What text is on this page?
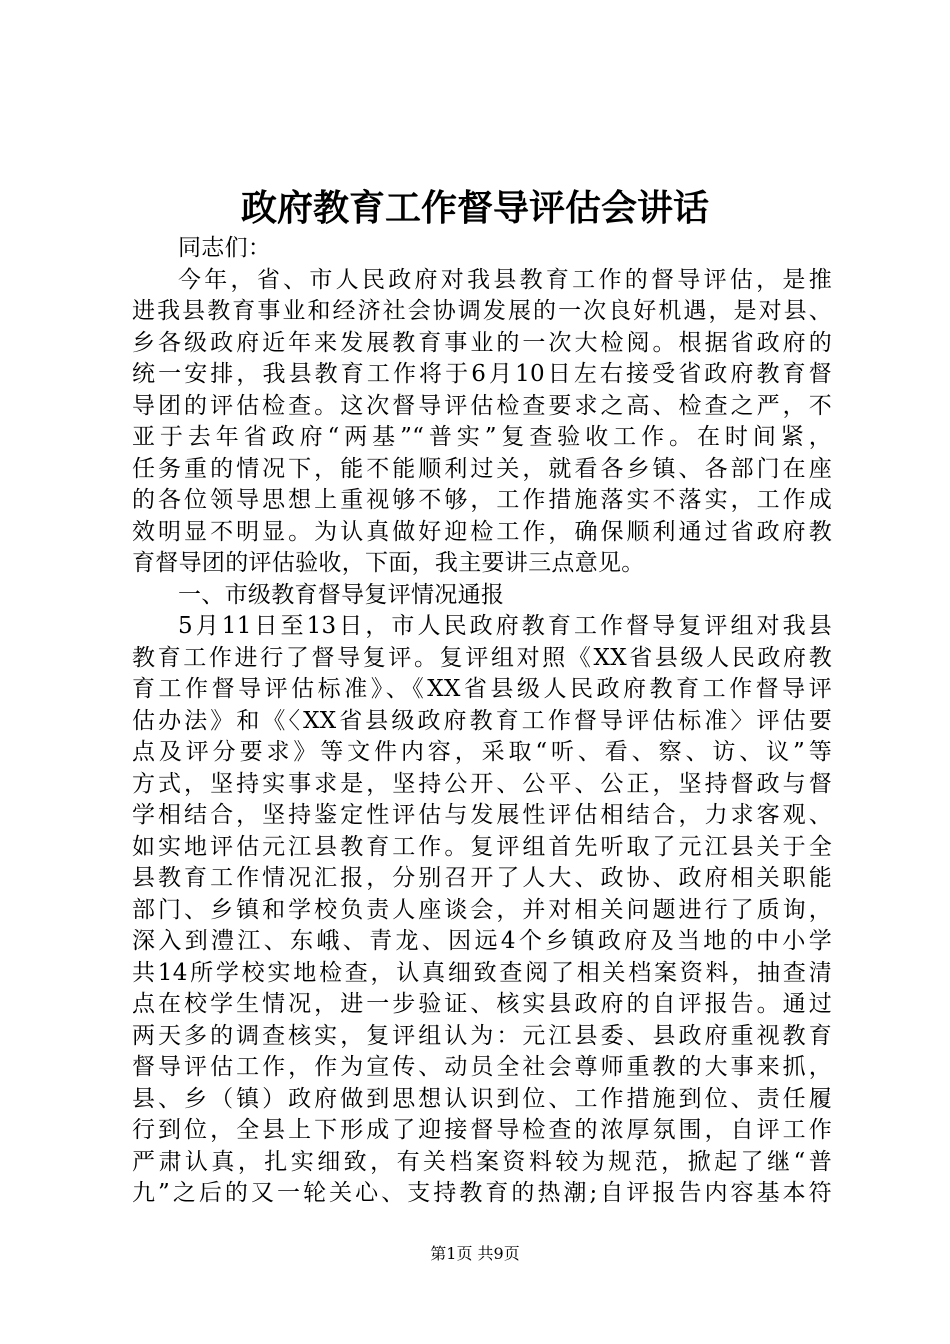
政府教育工作督导评估会讲话
同志们：
今年，省、市人民政府对我县教育工作的督导评估，是推
进我县教育事业和经济社会协调发展的一次良好机遇，是对县、
乡各级政府近年来发展教育事业的一次大检阅。根据省政府的
统一安排，我县教育工作将于6月10日左右接受省政府教育督
导团的评估检查。这次督导评估检查要求之高、检查之严，不
亚于去年省政府“两基”“普实”复查验收工作。在时间紧，
任务重的情况下，能不能顺利过关，就看各乡镇、各部门在座
的各位领导思想上重视够不够，工作措施落实不落实，工作成
效明显不明显。为认真做好迎检工作，确保顺利通过省政府教
育督导团的评估验收，下面，我主要讲三点意见。
一、市级教育督导复评情况通报
5月11日至13日，市人民政府教育工作督导复评组对我县
教育工作进行了督导复评。复评组对照《XX省县级人民政府教
育工作督导评估标准》、《XX省县级人民政府教育工作督导评
估办法》和《〈XX省县级政府教育工作督导评估标准〉评估要
点及评分要求》等文件内容，采取“听、看、察、访、议”等
方式，坚持实事求是，坚持公开、公平、公正，坚持督政与督
学相结合，坚持鉴定性评估与发展性评估相结合，力求客观、
如实地评估元江县教育工作。复评组首先听取了元江县关于全
县教育工作情况汇报，分别召开了人大、政协、政府相关职能
部门、乡镇和学校负责人座谈会，并对相关问题进行了质询，
深入到澧江、东峨、青龙、因远4个乡镇政府及当地的中小学
共14所学校实地检查，认真细致查阅了相关档案资料，抽查清
点在校学生情况，进一步验证、核实县政府的自评报告。通过
两天多的调查核实，复评组认为：元江县委、县政府重视教育
督导评估工作，作为宣传、动员全社会尊师重教的大事来抓，
县、乡（镇）政府做到思想认识到位、工作措施到位、责任履
行到位，全县上下形成了迎接督导检查的浓厚氛围，自评工作
严肃认真，扎实细致，有关档案资料较为规范，掀起了继“普
九”之后的又一轮关心、支持教育的热潮;自评报告内容基本符
第1页 共9页
